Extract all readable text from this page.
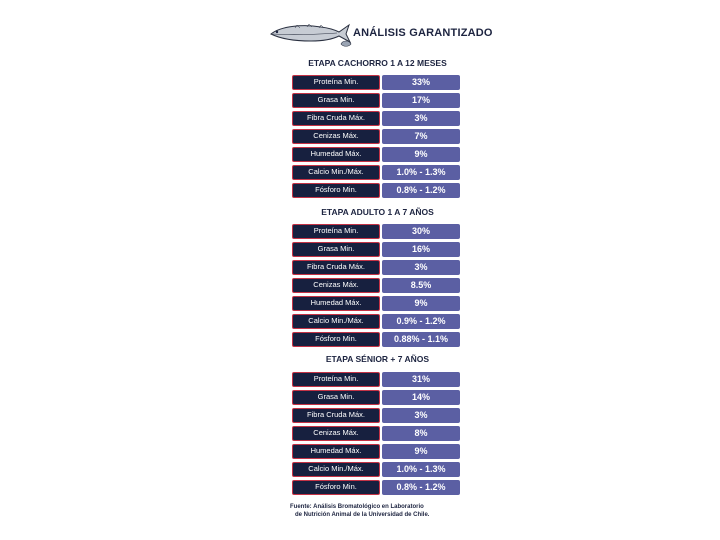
ANÁLISIS GARANTIZADO
ETAPA CACHORRO 1 A 12 MESES
Proteína Min.	33%
Grasa Min.	17%
Fibra Cruda Máx.	3%
Cenizas Máx.	7%
Humedad Máx.	9%
Calcio Min./Máx.	1.0% - 1.3%
Fósforo Min.	0.8% - 1.2%
ETAPA ADULTO 1 A 7 AÑOS
Proteína Min.	30%
Grasa Min.	16%
Fibra Cruda Máx.	3%
Cenizas Máx.	8.5%
Humedad Máx.	9%
Calcio Min./Máx.	0.9% - 1.2%
Fósforo Min.	0.88% - 1.1%
ETAPA SÉNIOR + 7 AÑOS
Proteína Min.	31%
Grasa Min.	14%
Fibra Cruda Máx.	3%
Cenizas Máx.	8%
Humedad Máx.	9%
Calcio Min./Máx.	1.0% - 1.3%
Fósforo Min.	0.8% - 1.2%
Fuente: Análisis Bromatológico en Laboratorio
de Nutrición Animal de la Universidad de Chile.
